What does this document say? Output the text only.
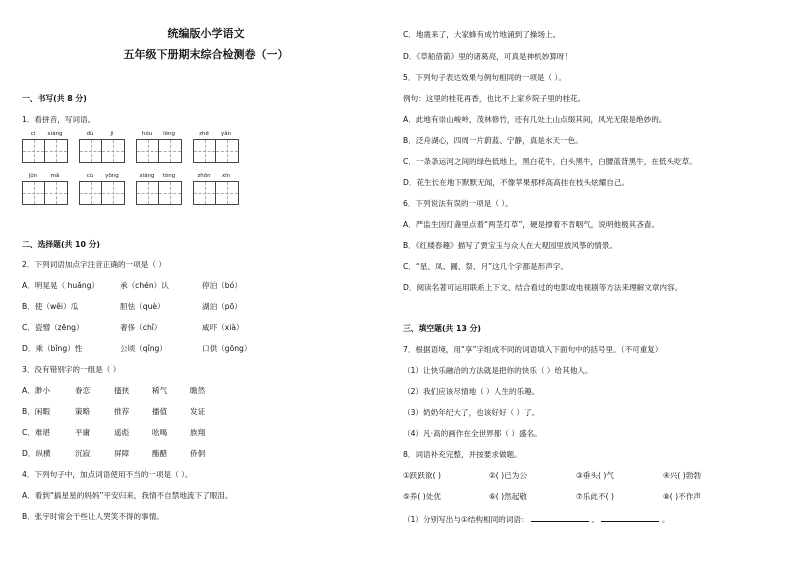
统编版小学语文
五年级下册期末综合检测卷（一）
一、书写(共 8 分)
1．看拼音，写词语。
cí	xiáng	dù	jì	hóu	lóng	zhē	yǎn
jūn	mǎ	cù	yōng	xiāng	tóng	zhōn	xīn
二、选择题(共 10 分)
2．下列词语加点字注音正确的一项是（ ）
A．明晃晃（ huǎng）	承（chén）认	停泊（bó）
B．使（wěi）瓜	胆怯（què）	湖泊（pō）
C．瓷憎（zēng）	奢侈（chǐ）	咸吓（xià）
D．乘（bǐng）性	公顷（qǐng）	口供（gōng）
3．没有错别字的一组是（ ）
A．渺小	眷恋	搔狭	稀气	瞻然
B．闲暇	策略	推荐	播值	发证
C．难堪	平庸	遥彪	吆喝	族翔
D．纵横	沉寂	屏障	酯醋	侨侗
4．下列句子中，加点词语使用不当的一项是（ ）。
A．看到“搞星星的妈妈”平安归来，我情不自禁地流下了眼泪。
B．张宇时常会干些让人哭笑不得的事情。
C．地震来了，大家蜂有成竹地涌到了操场上。
D．《草船借箭》里的诸葛亮，可真是神机妙算呀！
5．下列句子表达效果与例句相同的一项是（ ）。
例句：这里的桂花再香，也比不上家乡院子里的桂花。
A．此地有崇山峻岭，茂林修竹，还有几处土山点缀其间，风光无限是绝妙的。
B．泛舟湖心，四周一片蔚蓝、宁静，真是水天一色。
C．一条条运河之间的绿色低地上，黑白花牛，白头黑牛，白腰蓝背黑牛，在低头吃草。
D．花生长在地下默默无闻，不像苹果那样高高挂在枝头炫耀自己。
6．下列说法有误的一项是（ ）。
A．严监生因灯盏里点着“两茎灯草”，硬是撑着不肯咽气，说明他极其吝啬。
B．《红楼春趣》描写了贾宝玉与众人在大观园里放风筝的情景。
C．“星、凤、圃、祭、月”这几个字都是形声字。
D．阅读名著可运用联系上下文、结合看过的电影或电视剧等方法来理解文章内容。
三、填空题(共 13 分)
7．根据语境，用“享”字组成不同的词语填入下面句中的括号里。（不可重复）
（1）让快乐融洽的方法就是把你的快乐（ ）给其他人。
（2）我们应该尽情地（ ）人生的乐趣。
（3）奶奶年纪大了，也该好好（ ）了。
（4）凡·高的画作在全世界都（ ）盛名。
8．词语补充完整，并按要求做题。
①跃跃欲( )	②( )已为公	③垂头( )气	④兴( )勃勃
⑤养( )处优	⑥( )然起敬	⑦乐此不( )	⑧( )不作声
（1）分别写出与①结构相同的词语：	、	。
